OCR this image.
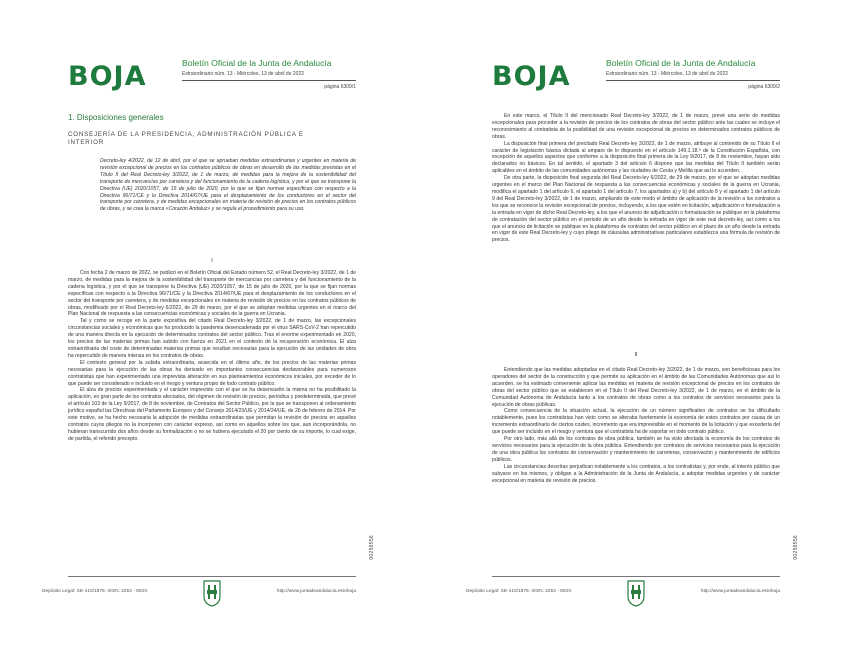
BOJA	Boletín Oficial de la Junta de Andalucía
Extraordinario núm. 13 - Miércoles, 13 de abril de 2022
página 6309/1
1. Disposiciones generales
CONSEJERÍA DE LA PRESIDENCIA, ADMINISTRACIÓN PÚBLICA E INTERIOR

Decreto-ley 4/2022, de 12 de abril, por el que se aprueban medidas extraordinarias y urgentes en materia de revisión excepcional de precios en los contratos públicos de obras en desarrollo de las medidas previstas en el Título II del Real Decreto-ley 3/2022, de 1 de marzo, de medidas para la mejora de la sostenibilidad del transporte de mercancías por carretera y del funcionamiento de la cadena logística, y por el que se transpone la Directiva (UE) 2020/1057, de 15 de julio de 2020, por la que se fijan normas específicas con respecto a la Directiva 96/71/CE y la Directiva 2014/67/UE para el desplazamiento de los conductores en el sector del transporte por carretera, y de medidas excepcionales en materia de revisión de precios en los contratos públicos de obras, y se crea la marca «Corazón Andaluz» y se regula el procedimiento para su uso.

I

Con fecha 2 de marzo de 2022, se publicó en el Boletín Oficial del Estado número 52, el Real Decreto-ley 3/2022, de 1 de marzo, de medidas para la mejora de la sostenibilidad del transporte de mercancías por carretera y del funcionamiento de la cadena logística, y por el que se transpone la Directiva (UE) 2020/1057, de 15 de julio de 2020, por la que se fijan normas específicas con respecto a la Directiva 96/71/CE y la Directiva 2014/67/UE para el desplazamiento de los conductores en el sector del transporte por carretera, y de medidas excepcionales en materia de revisión de precios en los contratos públicos de obras, modificado por el Real Decreto-ley 6/2022, de 29 de marzo, por el que se adoptan medidas urgentes en el marco del Plan Nacional de respuesta a las consecuencias económicas y sociales de la guerra en Ucrania.

Tal y como se recoge en la parte expositiva del citado Real Decreto-ley 3/2022, de 1 de marzo, las excepcionales circunstancias sociales y económicas que ha producido la pandemia desencadenada por el virus SARS-CoV-2 han repercutido de una manera directa en la ejecución de determinados contratos del sector público. Tras el enorme experimentado en 2020, los precios de las materias primas han subido con fuerza en 2021 en el contexto de la recuperación económica. El alza extraordinaria del coste de determinadas materias primas que resultan necesarias para la ejecución de las unidades de obra ha repercutido de manera intensa en los contratos de obras.

El contexto general por la subida extraordinaria, acaecida en el último año, de los precios de las materias primas necesarias para la ejecución de las obras ha derivado en importantes consecuencias desfavorables para numerosos contratistas que han experimentado una imprevista alteración en sus planteamientos económicos iniciales, por exceder de lo que puede ser considerado e incluido en el riesgo y ventura propio de todo contrato público.

El alza de precios experimentada y el carácter imprevisto con el que se ha desenvuelto la misma no ha posibilitado la aplicación, en gran parte de los contratos afectados, del régimen de revisión de precios, periódica y predeterminada, que prevé el artículo 103 de la Ley 9/2017, de 8 de noviembre, de Contratos del Sector Público, por la que se transponen al ordenamiento jurídico español las Directivas del Parlamento Europeo y del Consejo 2014/23/UE y 2014/24/UE, de 26 de febrero de 2014. Por este motivo, se ha hecho necesaria la adopción de medidas extraordinarias que permitan la revisión de precios en aquellos contratos cuyos pliegos no la incorporen con carácter expreso, así como en aquellos sobre los que, aun incorporándola, no hubieran transcurrido dos años desde su formalización o no se hubiera ejecutado el 20 por ciento de su importe, lo cual exige, de partida, el referido precepto.

00259556
Depósito Legal: SE-410/1979. ISSN: 2253 - 802X	http://www.juntadeandalucia.es/eboja
BOJA	Boletín Oficial de la Junta de Andalucía
Extraordinario núm. 13 - Miércoles, 13 de abril de 2022
página 6309/2

En este marco, el Título II del mencionado Real Decreto-ley 3/2022, de 1 de marzo, prevé una serie de medidas excepcionales para proceder a la revisión de precios de los contratos de obras del sector público ante las cuales se incluye el reconocimiento al contratista de la posibilidad de una revisión excepcional de precios en determinados contratos públicos de obras.

La disposición final primera del precitado Real Decreto-ley 3/2022, de 1 de marzo, atribuye al contenido de su Título II el carácter de legislación básica dictada al amparo de lo dispuesto en el artículo 149.1.18.ª de la Constitución Española, con excepción de aquellos aspectos que conforme a la disposición final primera de la Ley 9/2017, de 8 de noviembre, hayan sido declarados no básicos. En tal sentido, el apartado 3 del artículo 6 dispone que las medidas del Título II también serán aplicables en el ámbito de las comunidades autónomas y las ciudades de Ceuta y Melilla que así lo acuerden.

De otra parte, la disposición final segunda del Real Decreto-ley 6/2022, de 29 de marzo, por el que se adoptan medidas urgentes en el marco del Plan Nacional de respuesta a las consecuencias económicas y sociales de la guerra en Ucrania, modifica el apartado 1 del artículo 6, el apartado 1 del artículo 7, los apartados a) y b) del artículo 8 y el apartado 1 del artículo 9 del Real Decreto-ley 3/2022, de 1 de marzo, ampliando de este modo el ámbito de aplicación de la revisión a los contratos a los que se reconoce la revisión excepcional de precios, incluyendo, a los que estén en licitación, adjudicación o formalización a la entrada en vigor de dicho Real Decreto-ley, a los que el anuncio de adjudicación o formalización se publique en la plataforma de contratación del sector público en el periodo de un año desde la entrada en vigor de este real decreto-ley, así como a los que el anuncio de licitación se publique en la plataforma de contratos del sector público en el plazo de un año desde la entrada en vigor de este Real Decreto-ley y cuyo pliego de cláusulas administrativas particulares establezca una fórmula de revisión de precios.

II

Entendiendo que las medidas adoptadas en el citado Real Decreto-ley 3/2022, de 1 de marzo, son beneficiosas para los operadores del sector de la construcción y que permite su aplicación en el ámbito de las Comunidades Autónomas que así lo acuerden, se ha estimado conveniente aplicar las medidas en materia de revisión excepcional de precios en los contratos de obras del sector público que se establecen en el Título II del Real Decreto-ley 3/2022, de 1 de marzo, en el ámbito de la Comunidad Autónoma de Andalucía tanto a los contratos de obras como a los contratos de servicios necesarios para la ejecución de obras públicas.

Como consecuencia de la situación actual, la ejecución de un número significativo de contratos se ha dificultado notablemente, pues los contratistas han visto como se alteraba fuertemente la economía de estos contratos por causa de un incremento extraordinario de ciertos costes, incremento que era imprevisible en el momento de la licitación y que excedería del que puede ser incluido en el riesgo y ventura que el contratista ha de soportar en todo contrato público.

Por otro lado, más allá de los contratos de obra pública, también se ha visto afectada la economía de los contratos de servicios necesarios para la ejecución de la obra pública. Entendiendo por contratos de servicios necesarios para la ejecución de una obra pública los contratos de conservación y mantenimiento de carreteras, conservación y mantenimiento de edificios públicos.

Las circunstancias descritas perjudican notablemente a los contratos, a los contratistas y, por ende, al interés público que subyace en los mismos, y obligan a la Administración de la Junta de Andalucía, a adoptar medidas urgentes y de carácter excepcional en materia de revisión de precios.

00259556
Depósito Legal: SE-410/1979. ISSN: 2253 - 802X	http://www.juntadeandalucia.es/eboja
